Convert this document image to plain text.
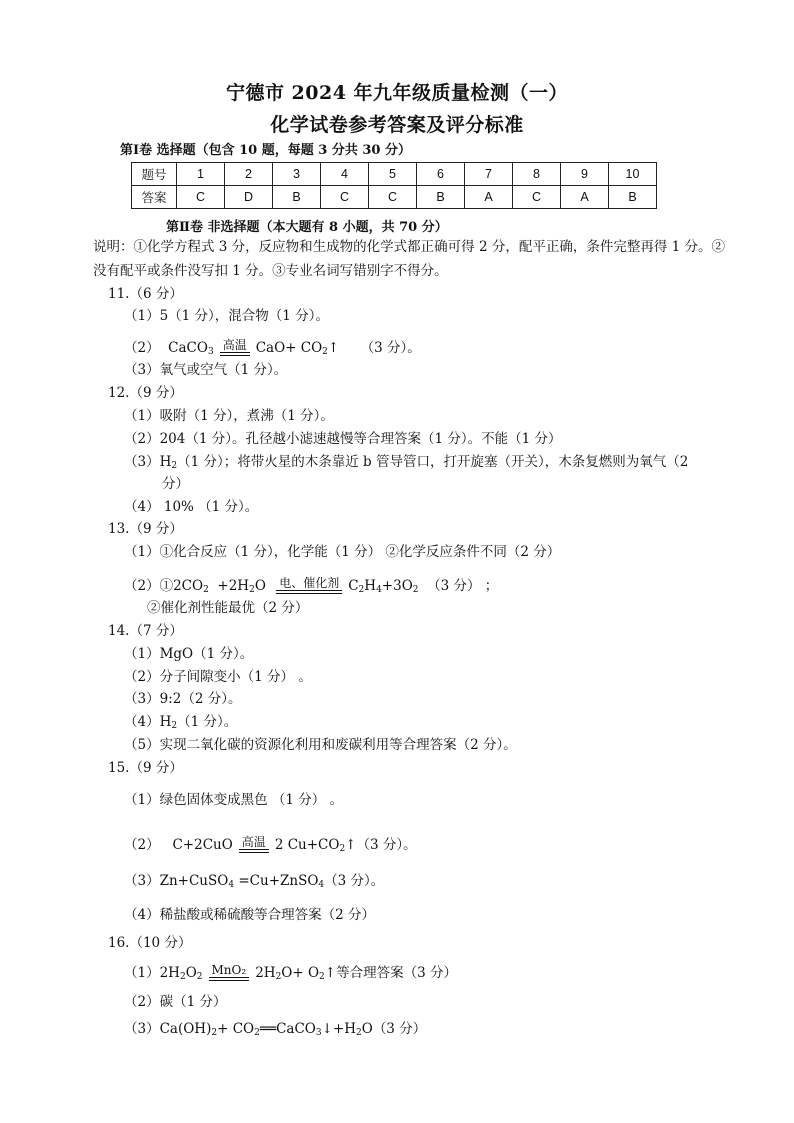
宁德市 2024 年九年级质量检测（一）
化学试卷参考答案及评分标准
第Ⅰ卷 选择题（包含 10 题，每题 3 分共 30 分）
题号	1	2	3	4	5	6	7	8	9	10
答案	C	D	B	C	C	B	A	C	A	B
第Ⅱ卷 非选择题（本大题有 8 小题，共 70 分）
说明：①化学方程式 3 分，反应物和生成物的化学式都正确可得 2 分，配平正确，条件完整再得 1 分。②没有配平或条件没写扣 1 分。③专业名词写错别字不得分。
11.（6 分）
（1）5（1 分），混合物（1 分）。
（2）  CaCO$_3$ 高温 $CaO+ CO_2↑$     （3 分）。
（3）氧气或空气（1 分）。
12.（9 分）
（1）吸附（1 分），煮沸（1 分）。
（2）204（1 分）。孔径越小滤速越慢等合理答案（1 分）。不能（1 分）
$(3)H_2(1$ 分）；将带火星的木条靠近 b 管导管口，打开旋塞（开关），木条复燃则为氧气（2
分）
（4） 10% （1 分）。
13.（9 分）
（1）①化合反应（1 分），化学能（1 分） ②化学反应条件不同（2 分）
$(2)①2CO_2 +2H_2O$ 电、催化剂 $C_2H_4+3O_2$ （3 分） ；
②催化剂性能最优（2 分）
14.（7 分）
（1）MgO（1 分）。
（2）分子间隙变小（1 分） 。
（3）9:2（2 分）。
$(4)H_2(1$ 分）。
（5）实现二氧化碳的资源化利用和废碳利用等合理答案（2 分）。
15.（9 分）
（1）绿色固体变成黑色 （1 分） 。
（2）   C+2CuO 高温 2 $Cu+CO_2↑(3$ 分）。
（3）Zn+CuSO$_4$ =Cu+ZnSO$_4$（3 分）。
（4）稀盐酸或稀硫酸等合理答案（2 分）
16.（10 分）
$(1)2H_2O_2$ MnO₂ $2H_2O+$ $O_2↑$等合理答案（3 分）
（2）碳（1 分）
$(3)Ca(OH)_2+$ $CO_2══CaCO_3↓+H_2O(3$ 分）
